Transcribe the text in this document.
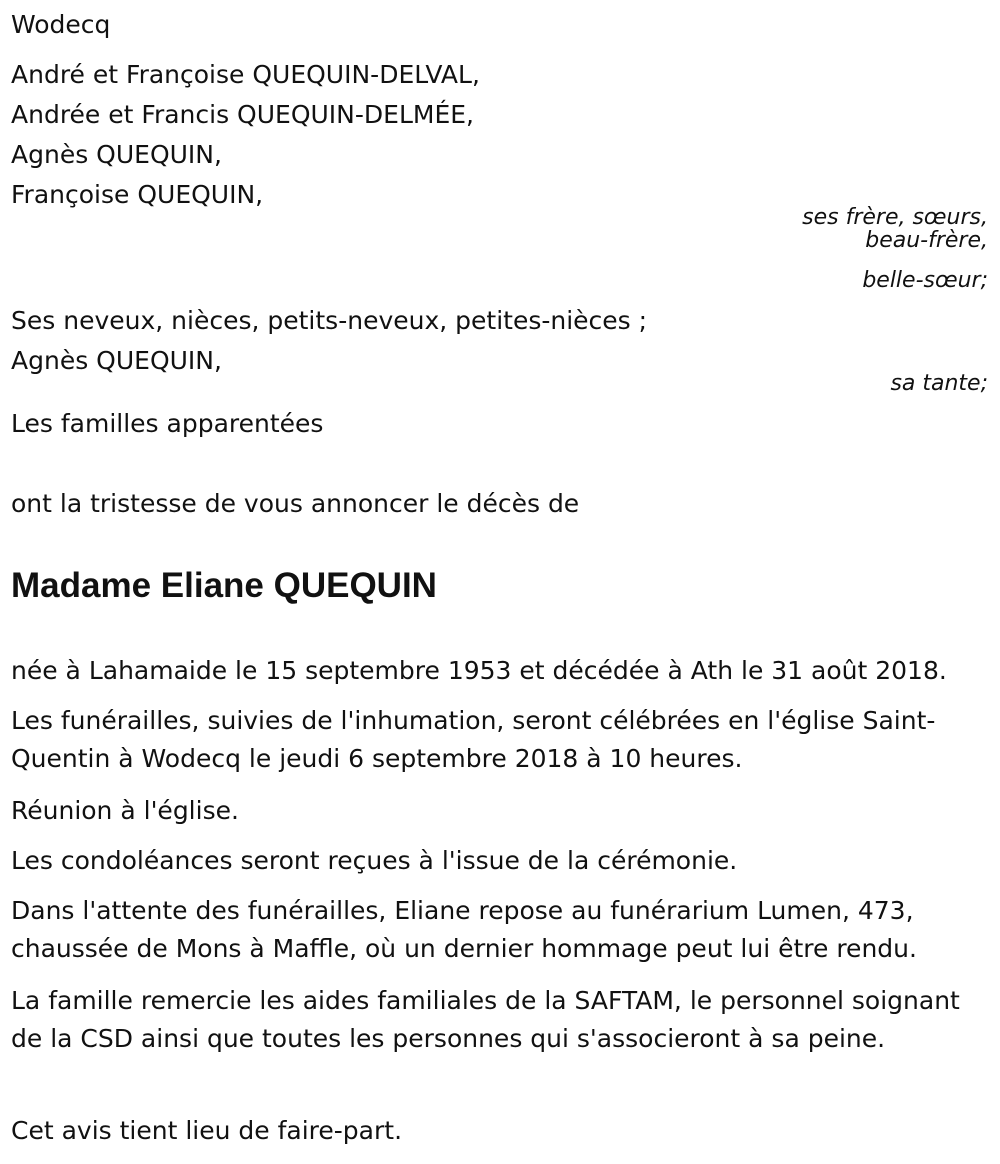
Wodecq
André et Françoise QUEQUIN-DELVAL,
Andrée et Francis QUEQUIN-DELMÉE,
Agnès QUEQUIN,
Françoise QUEQUIN,
ses frère, sœurs,
beau-frère,
belle-sœur;
Ses neveux, nièces, petits-neveux, petites-nièces ;
Agnès QUEQUIN,
sa tante;
Les familles apparentées
ont la tristesse de vous annoncer le décès de
Madame Eliane QUEQUIN
née à Lahamaide le 15 septembre 1953 et décédée à Ath le 31 août 2018.
Les funérailles, suivies de l'inhumation, seront célébrées en l'église Saint-Quentin à Wodecq le jeudi 6 septembre 2018 à 10 heures.
Réunion à l'église.
Les condoléances seront reçues à l'issue de la cérémonie.
Dans l'attente des funérailles, Eliane repose au funérarium Lumen, 473, chaussée de Mons à Maffle, où un dernier hommage peut lui être rendu.
La famille remercie les aides familiales de la SAFTAM, le personnel soignant de la CSD ainsi que toutes les personnes qui s'associeront à sa peine.
Cet avis tient lieu de faire-part.
